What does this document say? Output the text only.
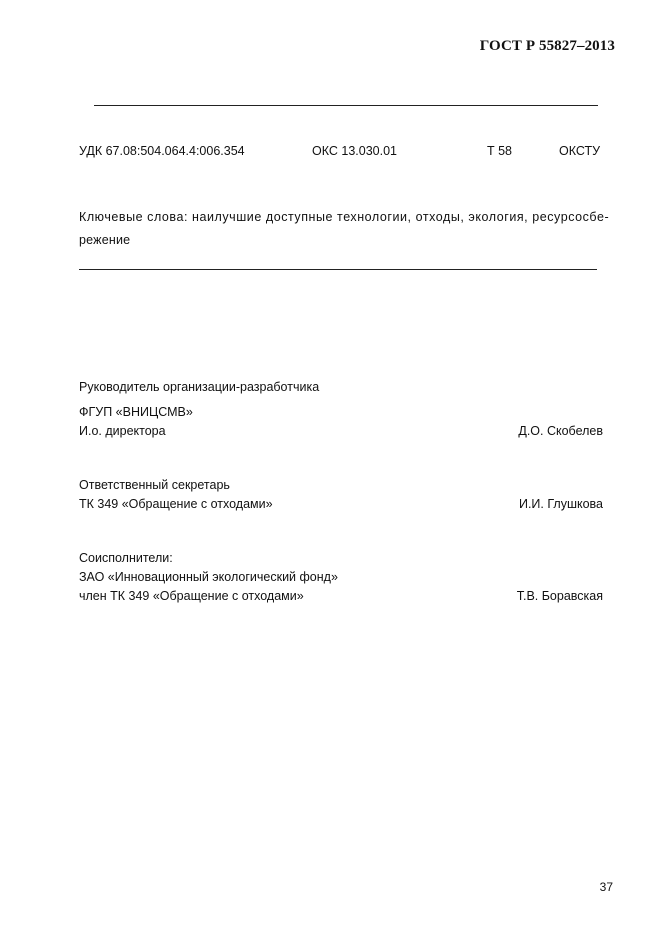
ГОСТ Р 55827–2013
УДК 67.08:504.064.4:006.354	ОКС 13.030.01	Т 58	ОКСТУ
Ключевые слова: наилучшие доступные технологии, отходы, экология, ресурсосбе-
режение
Руководитель организации-разработчика
ФГУП «ВНИЦСМВ»
И.о. директора	Д.О. Скобелев
Ответственный секретарь
ТК 349 «Обращение с отходами»	И.И. Глушкова
Соисполнители:
ЗАО «Инновационный экологический фонд»
член ТК 349 «Обращение с отходами»	Т.В. Боравская
37
